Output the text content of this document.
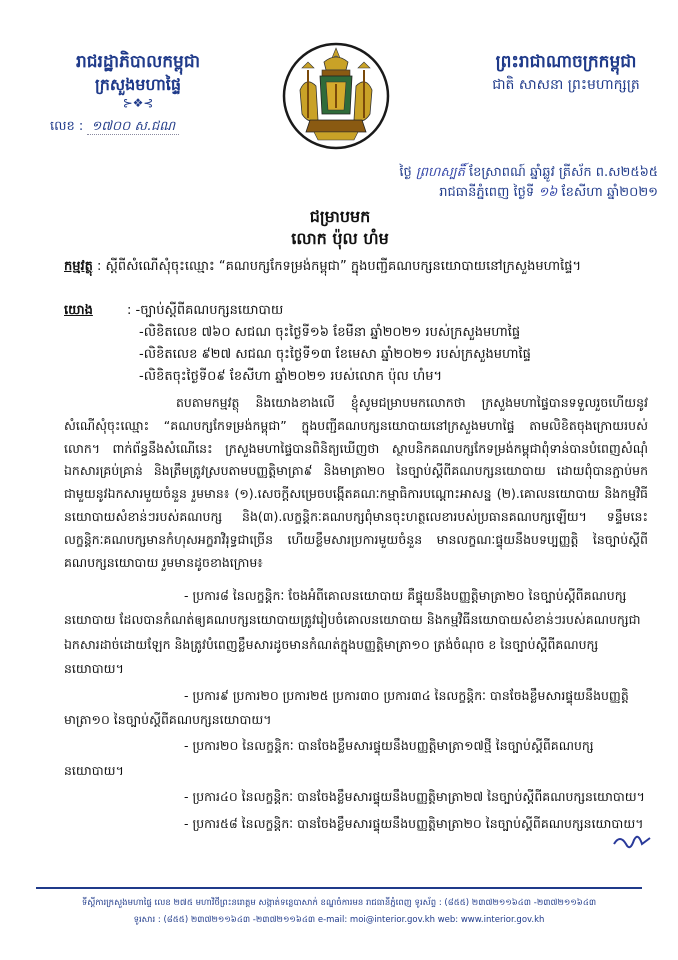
រាជរដ្ឋាភិបាលកម្ពុជា
ក្រសួងមហាផ្ទៃ
⊱❖⊰
លេខ : ១៧០០ ស.ជណ
ព្រះរាជាណាចក្រកម្ពុជា
ជាតិ សាសនា ព្រះមហាក្សត្រ
ថ្ងៃ ព្រហស្បតិ៍ ខែស្រាពណ៍ ឆ្នាំឆ្លូវ ត្រីស័ក ព.ស២៥៦៥
រាជធានីភ្នំពេញ ថ្ងៃទី ១៦ ខែសីហា ឆ្នាំ២០២១
ជម្រាបមក
លោក ប៉ុល ហំម
កម្មវត្ថុ : ស្តីពីសំណើសុំចុះឈ្មោះ “គណបក្សកែទម្រង់កម្ពុជា” ក្នុងបញ្ជីគណបក្សនយោបាយនៅក្រសួងមហាផ្ទៃ។
យោង	: -ច្បាប់ស្តីពីគណបក្សនយោបាយ
-លិខិតលេខ ៧៦០ សជណ ចុះថ្ងៃទី១៦ ខែមីនា ឆ្នាំ២០២១ របស់ក្រសួងមហាផ្ទៃ
-លិខិតលេខ ៩២៧ សជណ ចុះថ្ងៃទី១៣ ខែមេសា ឆ្នាំ២០២១ របស់ក្រសួងមហាផ្ទៃ
-លិខិតចុះថ្ងៃទី០៩ ខែសីហា ឆ្នាំ២០២១ របស់លោក ប៉ុល ហំម។

តបតាមកម្មវត្ថុ និងយោងខាងលើ ខ្ញុំសូមជម្រាបមកលោកថា ក្រសួងមហាផ្ទៃបានទទួលរួចហើយនូវសំណើសុំចុះឈ្មោះ “គណបក្សកែទម្រង់កម្ពុជា” ក្នុងបញ្ជីគណបក្សនយោបាយនៅក្រសួងមហាផ្ទៃ តាមលិខិតចុងក្រោយរបស់លោក។ ពាក់ព័ន្ធនឹងសំណើនេះ ក្រសួងមហាផ្ទៃបានពិនិត្យឃើញថា ស្ថាបនិកគណបក្សកែទម្រង់កម្ពុជាពុំទាន់បានបំពេញសំណុំឯកសារគ្រប់គ្រាន់ និងត្រឹមត្រូវស្របតាមបញ្ញត្តិមាត្រា៩ និងមាត្រា២០ នៃច្បាប់ស្តីពីគណបក្សនយោបាយ ដោយពុំបានភ្ជាប់មកជាមួយនូវឯកសារមួយចំនួន រួមមាន៖ (១).សេចក្តីសម្រេចបង្កើតគណៈកម្មាធិការបណ្តោះអាសន្ន (២).គោលនយោបាយ និងកម្មវិធីនយោបាយសំខាន់ៗរបស់គណបក្ស និង(៣).លក្ខន្តិកៈគណបក្សពុំមានចុះហត្ថលេខារបស់ប្រធានគណបក្សឡើយ។ ទន្ទឹមនេះ លក្ខន្តិកៈគណបក្សមានកំហុសអក្ខរាវិរុទ្ធជាច្រើន ហើយខ្លឹមសារប្រការមួយចំនួន មានលក្ខណៈផ្ទុយនឹងបទប្បញ្ញត្តិ នៃច្បាប់ស្តីពីគណបក្សនយោបាយ រួមមានដូចខាងក្រោម៖

- ប្រការ៨ នៃលក្ខន្តិកៈ ចែងអំពីគោលនយោបាយ គឺផ្ទុយនឹងបញ្ញត្តិមាត្រា២០ នៃច្បាប់ស្តីពីគណបក្សនយោបាយ ដែលបានកំណត់ឲ្យគណបក្សនយោបាយត្រូវរៀបចំគោលនយោបាយ និងកម្មវិធីនយោបាយសំខាន់ៗរបស់គណបក្សជាឯកសារដាច់ដោយឡែក និងត្រូវបំពេញខ្លឹមសារដូចមានកំណត់ក្នុងបញ្ញត្តិមាត្រា១០ ត្រង់ចំណុច ខ នៃច្បាប់ស្តីពីគណបក្សនយោបាយ។

- ប្រការ៩ ប្រការ២០ ប្រការ២៥ ប្រការ៣០ ប្រការ៣៤ នៃលក្ខន្តិកៈ បានចែងខ្លឹមសារផ្ទុយនឹងបញ្ញត្តិមាត្រា១០ នៃច្បាប់ស្តីពីគណបក្សនយោបាយ។

- ប្រការ២០ នៃលក្ខន្តិកៈ បានចែងខ្លឹមសារផ្ទុយនឹងបញ្ញត្តិមាត្រា១៧ថ្មី នៃច្បាប់ស្តីពីគណបក្សនយោបាយ។

- ប្រការ៤០ នៃលក្ខន្តិកៈ បានចែងខ្លឹមសារផ្ទុយនឹងបញ្ញត្តិមាត្រា២៧ នៃច្បាប់ស្តីពីគណបក្សនយោបាយ។

- ប្រការ៥៨ នៃលក្ខន្តិកៈ បានចែងខ្លឹមសារផ្ទុយនឹងបញ្ញត្តិមាត្រា២០ នៃច្បាប់ស្តីពីគណបក្សនយោបាយ។

ទីស្តីការក្រសួងមហាផ្ទៃ លេខ ២៧៥ មហាវិថីព្រះនរោត្តម សង្កាត់ទន្លេបាសាក់ ខណ្ឌចំការមន រាជធានីភ្នំពេញ ទូរស័ព្ទ : (៨៥៥) ២៣៧២១១៦៤៣ -២៣៧២១១៦៤៣
ទូរសារ : (៨៥៥) ២៣៧២១១៦៤៣ -២៣៧២១១៦៤៣ e-mail: moi@interior.gov.kh web: www.interior.gov.kh
